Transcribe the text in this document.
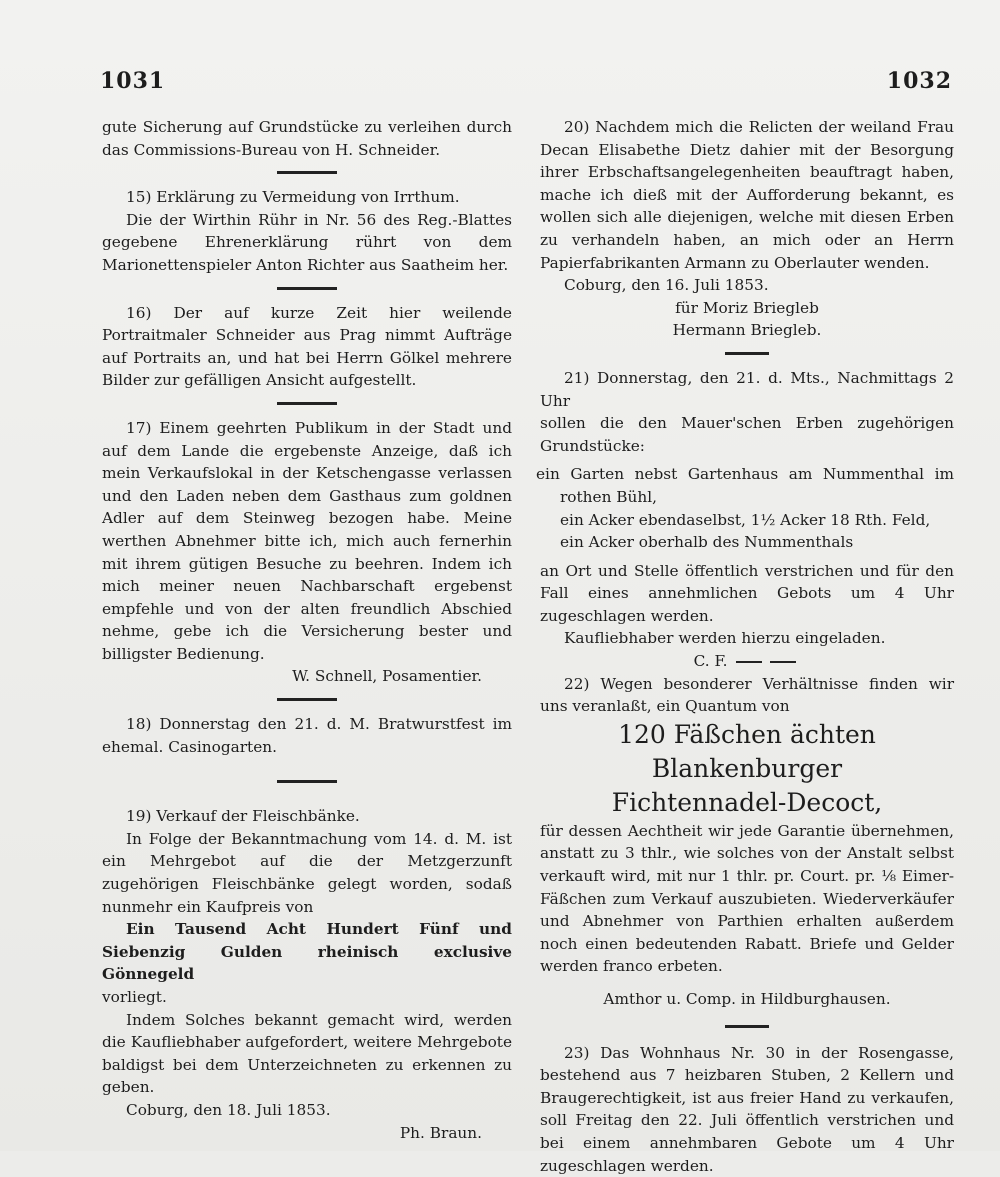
1031	1032

gute Sicherung auf Grundstücke zu verleihen durch das Commissions-Bureau von H. Schneider.

15) Erklärung zu Vermeidung von Irrthum.

Die der Wirthin Rühr in Nr. 56 des Reg.-Blattes gegebene Ehrenerklärung rührt von dem Marionettenspieler Anton Richter aus Saatheim her.

16) Der auf kurze Zeit hier weilende Portraitmaler Schneider aus Prag nimmt Aufträge auf Portraits an, und hat bei Herrn Gölkel mehrere Bilder zur gefälligen Ansicht aufgestellt.

17) Einem geehrten Publikum in der Stadt und auf dem Lande die ergebenste Anzeige, daß ich mein Verkaufslokal in der Ketschengasse verlassen und den Laden neben dem Gasthaus zum goldnen Adler auf dem Steinweg bezogen habe. Meine werthen Abnehmer bitte ich, mich auch fernerhin mit ihrem gütigen Besuche zu beehren. Indem ich mich meiner neuen Nachbarschaft ergebenst empfehle und von der alten freundlich Abschied nehme, gebe ich die Versicherung bester und billigster Bedienung.

W. Schnell, Posamentier.

18) Donnerstag den 21. d. M. Bratwurstfest im ehemal. Casinogarten.

19) Verkauf der Fleischbänke.

In Folge der Bekanntmachung vom 14. d. M. ist ein Mehrgebot auf die der Metzgerzunft zugehörigen Fleischbänke gelegt worden, sodaß nunmehr ein Kaufpreis von

Ein Tausend Acht Hundert Fünf und Siebenzig Gulden rheinisch exclusive Gönnegeld

vorliegt.

Indem Solches bekannt gemacht wird, werden die Kaufliebhaber aufgefordert, weitere Mehrgebote baldigst bei dem Unterzeichneten zu erkennen zu geben.

Coburg, den 18. Juli 1853.

Ph. Braun.

20) Nachdem mich die Relicten der weiland Frau Decan Elisabethe Dietz dahier mit der Besorgung ihrer Erbschaftsangelegenheiten beauftragt haben, mache ich dieß mit der Aufforderung bekannt, es wollen sich alle diejenigen, welche mit diesen Erben zu verhandeln haben, an mich oder an Herrn Papierfabrikanten Armann zu Oberlauter wenden.

Coburg, den 16. Juli 1853.

für Moriz Briegleb

Hermann Briegleb.

21) Donnerstag, den 21. d. Mts., Nachmittags 2 Uhr

sollen die den Mauer'schen Erben zugehörigen Grundstücke:

ein Garten nebst Gartenhaus am Nummenthal im rothen Bühl,

ein Acker ebendaselbst, 1½ Acker 18 Rth. Feld,

ein Acker oberhalb des Nummenthals

an Ort und Stelle öffentlich verstrichen und für den Fall eines annehmlichen Gebots um 4 Uhr zugeschlagen werden.

Kaufliebhaber werden hierzu eingeladen.

C. F.

22) Wegen besonderer Verhältnisse finden wir uns veranlaßt, ein Quantum von

120 Fäßchen ächten Blankenburger

Fichtennadel-Decoct,

für dessen Aechtheit wir jede Garantie übernehmen, anstatt zu 3 thlr., wie solches von der Anstalt selbst verkauft wird, mit nur 1 thlr. pr. Court. pr. ⅛ Eimer-Fäßchen zum Verkauf auszubieten. Wiederverkäufer und Abnehmer von Parthien erhalten außerdem noch einen bedeutenden Rabatt. Briefe und Gelder werden franco erbeten.

Amthor u. Comp. in Hildburghausen.

23) Das Wohnhaus Nr. 30 in der Rosengasse, bestehend aus 7 heizbaren Stuben, 2 Kellern und Braugerechtigkeit, ist aus freier Hand zu verkaufen, soll Freitag den 22. Juli öffentlich verstrichen und bei einem annehmbaren Gebote um 4 Uhr zugeschlagen werden.
